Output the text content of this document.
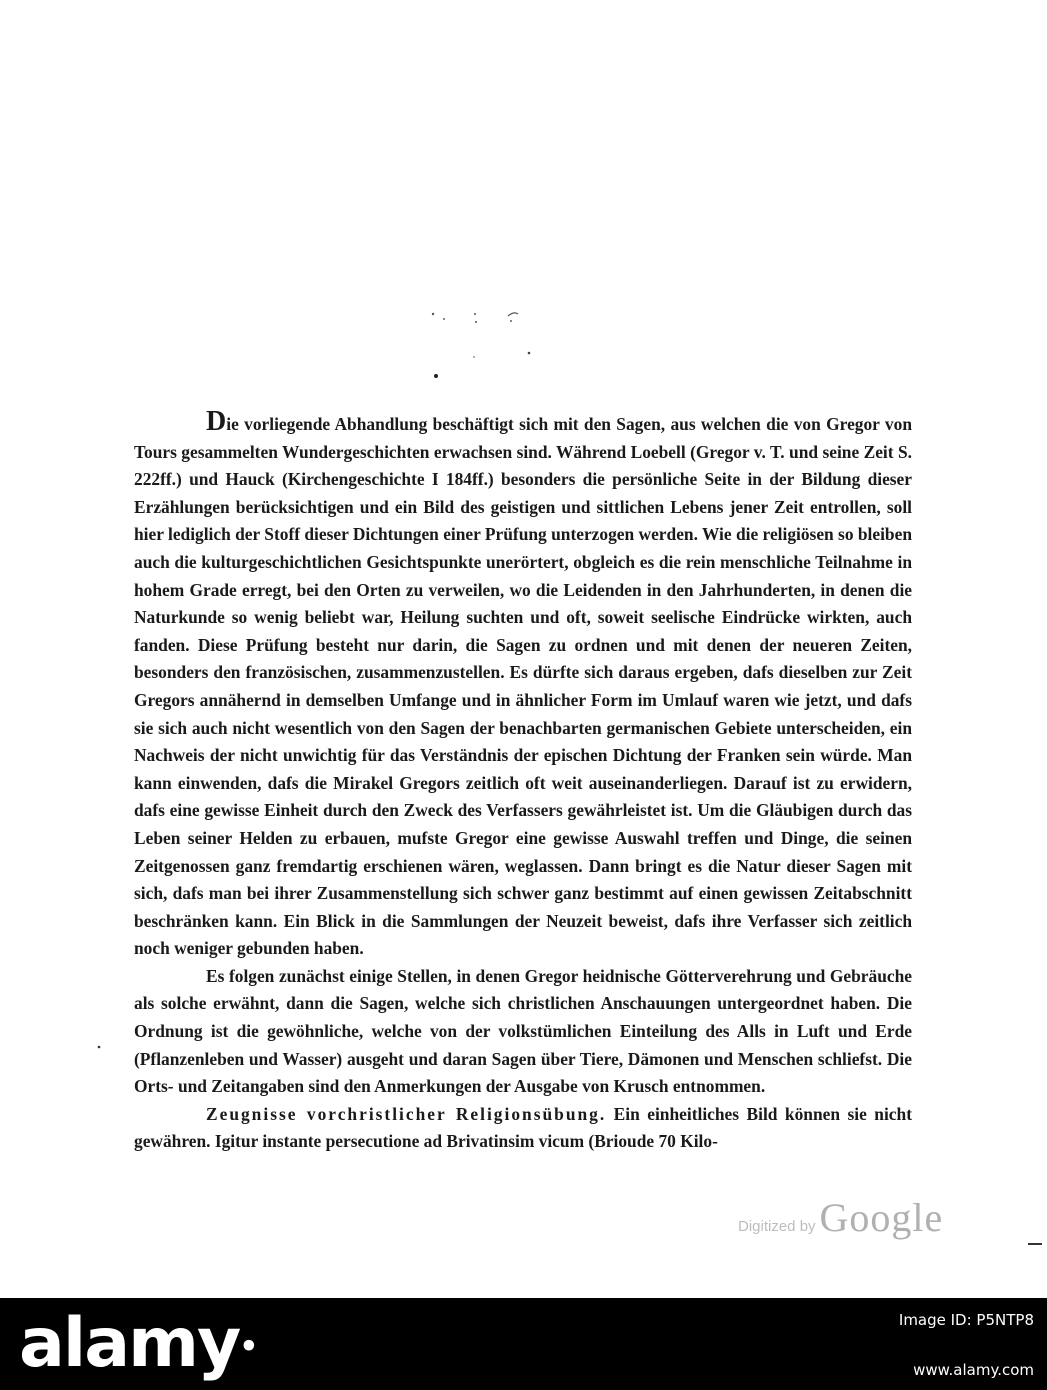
Die vorliegende Abhandlung beschäftigt sich mit den Sagen, aus welchen die von Gregor von Tours gesammelten Wundergeschichten erwachsen sind. Während Loebell (Gregor v. T. und seine Zeit S. 222ff.) und Hauck (Kirchengeschichte I 184ff.) besonders die persönliche Seite in der Bildung dieser Erzählungen berücksichtigen und ein Bild des geistigen und sittlichen Lebens jener Zeit entrollen, soll hier lediglich der Stoff dieser Dichtungen einer Prüfung unterzogen werden. Wie die religiösen so bleiben auch die kulturgeschichtlichen Gesichtspunkte unerörtert, obgleich es die rein menschliche Teilnahme in hohem Grade erregt, bei den Orten zu verweilen, wo die Leidenden in den Jahrhunderten, in denen die Naturkunde so wenig beliebt war, Heilung suchten und oft, soweit seelische Eindrücke wirkten, auch fanden. Diese Prüfung besteht nur darin, die Sagen zu ordnen und mit denen der neueren Zeiten, besonders den französischen, zusammenzustellen. Es dürfte sich daraus ergeben, dafs dieselben zur Zeit Gregors annähernd in demselben Umfange und in ähnlicher Form im Umlauf waren wie jetzt, und dafs sie sich auch nicht wesentlich von den Sagen der benachbarten germanischen Gebiete unterscheiden, ein Nachweis der nicht unwichtig für das Verständnis der epischen Dichtung der Franken sein würde. Man kann einwenden, dafs die Mirakel Gregors zeitlich oft weit auseinanderliegen. Darauf ist zu erwidern, dafs eine gewisse Einheit durch den Zweck des Verfassers gewährleistet ist. Um die Gläubigen durch das Leben seiner Helden zu erbauen, mufste Gregor eine gewisse Auswahl treffen und Dinge, die seinen Zeitgenossen ganz fremdartig erschienen wären, weglassen. Dann bringt es die Natur dieser Sagen mit sich, dafs man bei ihrer Zusammenstellung sich schwer ganz bestimmt auf einen gewissen Zeitabschnitt beschränken kann. Ein Blick in die Sammlungen der Neuzeit beweist, dafs ihre Verfasser sich zeitlich noch weniger gebunden haben.

Es folgen zunächst einige Stellen, in denen Gregor heidnische Götterverehrung und Gebräuche als solche erwähnt, dann die Sagen, welche sich christlichen Anschauungen untergeordnet haben. Die Ordnung ist die gewöhnliche, welche von der volkstümlichen Einteilung des Alls in Luft und Erde (Pflanzenleben und Wasser) ausgeht und daran Sagen über Tiere, Dämonen und Menschen schliefst. Die Orts- und Zeitangaben sind den Anmerkungen der Ausgabe von Krusch entnommen.

Zeugnisse vorchristlicher Religionsübung. Ein einheitliches Bild können sie nicht gewähren. Igitur instante persecutione ad Brivatinsim vicum (Brioude 70 Kilo-

Digitized by Google
alamy•
Image ID: P5NTP8
www.alamy.com
